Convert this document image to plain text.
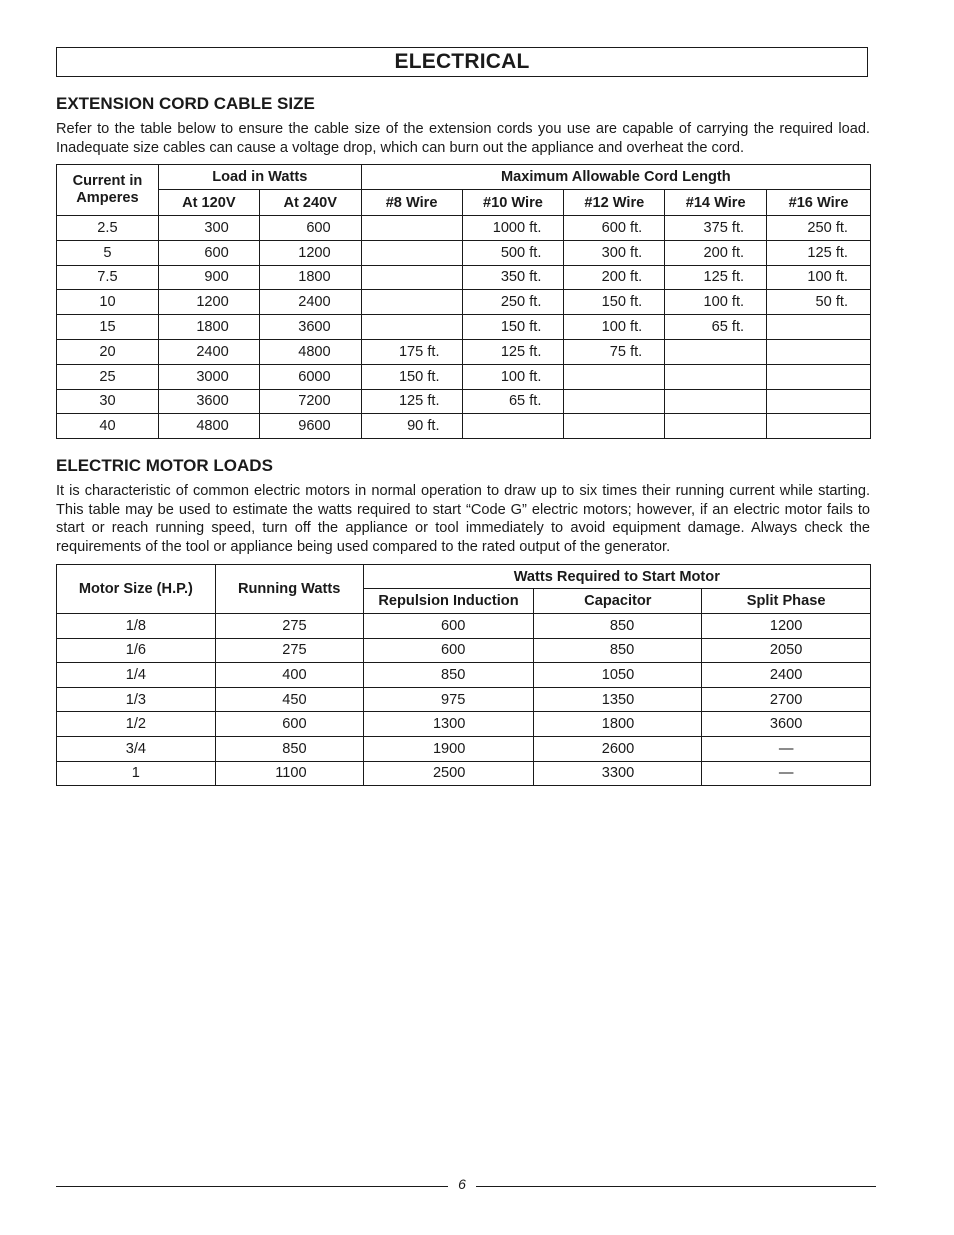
ELECTRICAL
EXTENSION CORD CABLE SIZE
Refer to the table below to ensure the cable size of the extension cords you use are capable of carrying the required load. Inadequate size cables can cause a voltage drop, which can burn out the appliance and overheat the cord.
Current in Amperes	Load in Watts		Maximum Allowable Cord Length				
	At 120V	At 240V	#8 Wire	#10 Wire	#12 Wire	#14 Wire	#16 Wire
2.5	300	600		1000 ft.	600 ft.	375 ft.	250 ft.
5	600	1200		500 ft.	300 ft.	200 ft.	125 ft.
7.5	900	1800		350 ft.	200 ft.	125 ft.	100 ft.
10	1200	2400		250 ft.	150 ft.	100 ft.	50 ft.
15	1800	3600		150 ft.	100 ft.	65 ft.	
20	2400	4800	175 ft.	125 ft.	75 ft.		
25	3000	6000	150 ft.	100 ft.			
30	3600	7200	125 ft.	65 ft.			
40	4800	9600	90 ft.				
ELECTRIC MOTOR LOADS
It is characteristic of common electric motors in normal operation to draw up to six times their running current while starting. This table may be used to estimate the watts required to start “Code G” electric motors; however, if an electric motor fails to start or reach running speed, turn off the appliance or tool immediately to avoid equipment damage. Always check the requirements of the tool or appliance being used compared to the rated output of the generator.
Motor Size (H.P.)	Running Watts	Watts Required to Start Motor		
		Repulsion Induction	Capacitor	Split Phase
1/8	275	600	850	1200
1/6	275	600	850	2050
1/4	400	850	1050	2400
1/3	450	975	1350	2700
1/2	600	1300	1800	3600
3/4	850	1900	2600	—
1	1100	2500	3300	—
6
